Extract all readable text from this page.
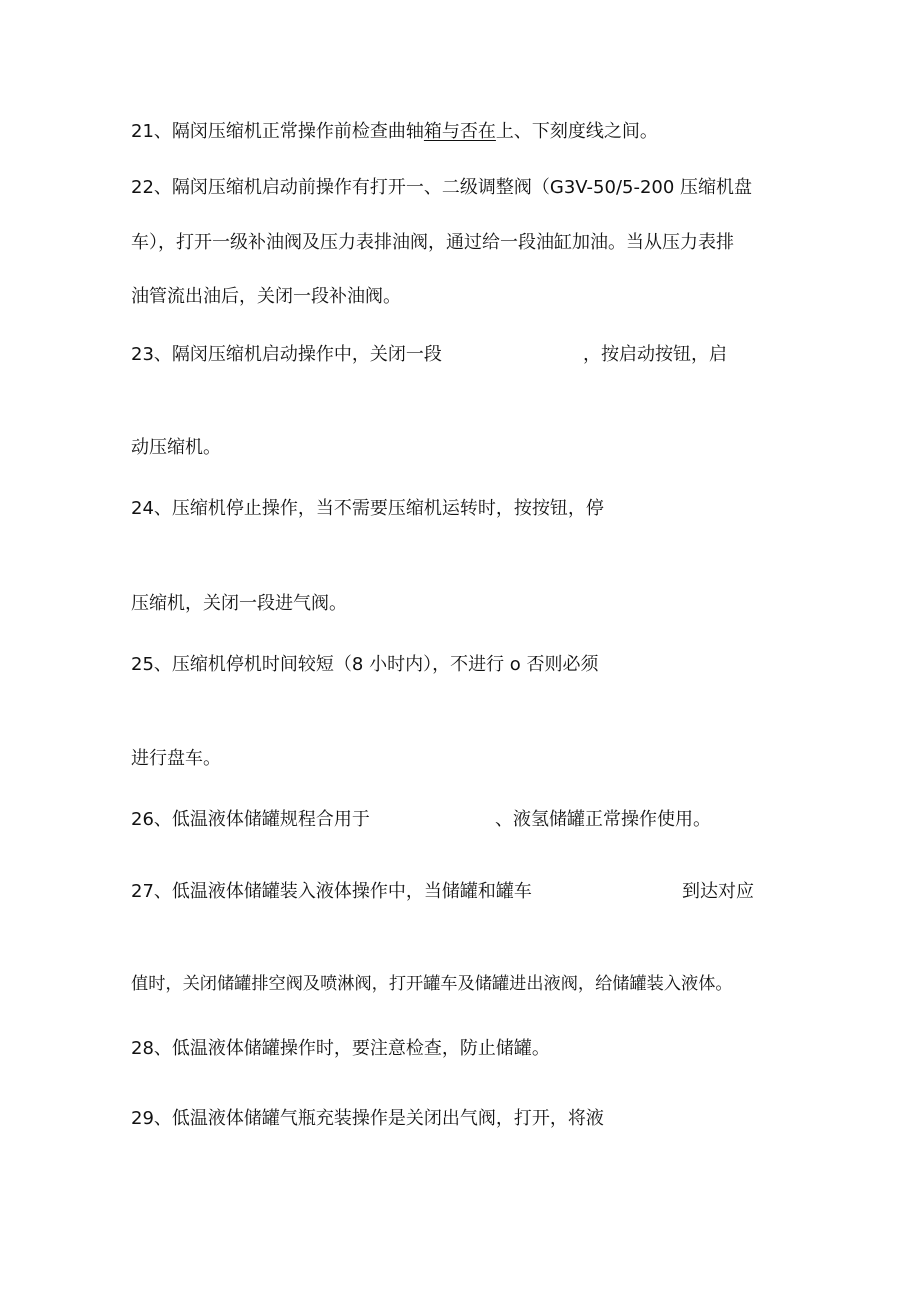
21、隔闵压缩机正常操作前检查曲轴箱与否在上、下刻度线之间。

22、隔闵压缩机启动前操作有打开一、二级调整阀（G3V-50/5-200 压缩机盘

车），打开一级补油阀及压力表排油阀，通过给一段油缸加油。当从压力表排

油管流出油后，关闭一段补油阀。

23、隔闵压缩机启动操作中，关闭一段	，按启动按钮，启

动压缩机。

24、压缩机停止操作，当不需要压缩机运转时，按按钮，停

压缩机，关闭一段进气阀。

25、压缩机停机时间较短（8 小时内），不进行 o 否则必须

进行盘车。

26、低温液体储罐规程合用于	、液氢储罐正常操作使用。

27、低温液体储罐装入液体操作中，当储罐和罐车	到达对应

值时，关闭储罐排空阀及喷淋阀，打开罐车及储罐进出液阀，给储罐装入液体。

28、低温液体储罐操作时，要注意检查，防止储罐。

29、低温液体储罐气瓶充装操作是关闭出气阀，打开，将液
